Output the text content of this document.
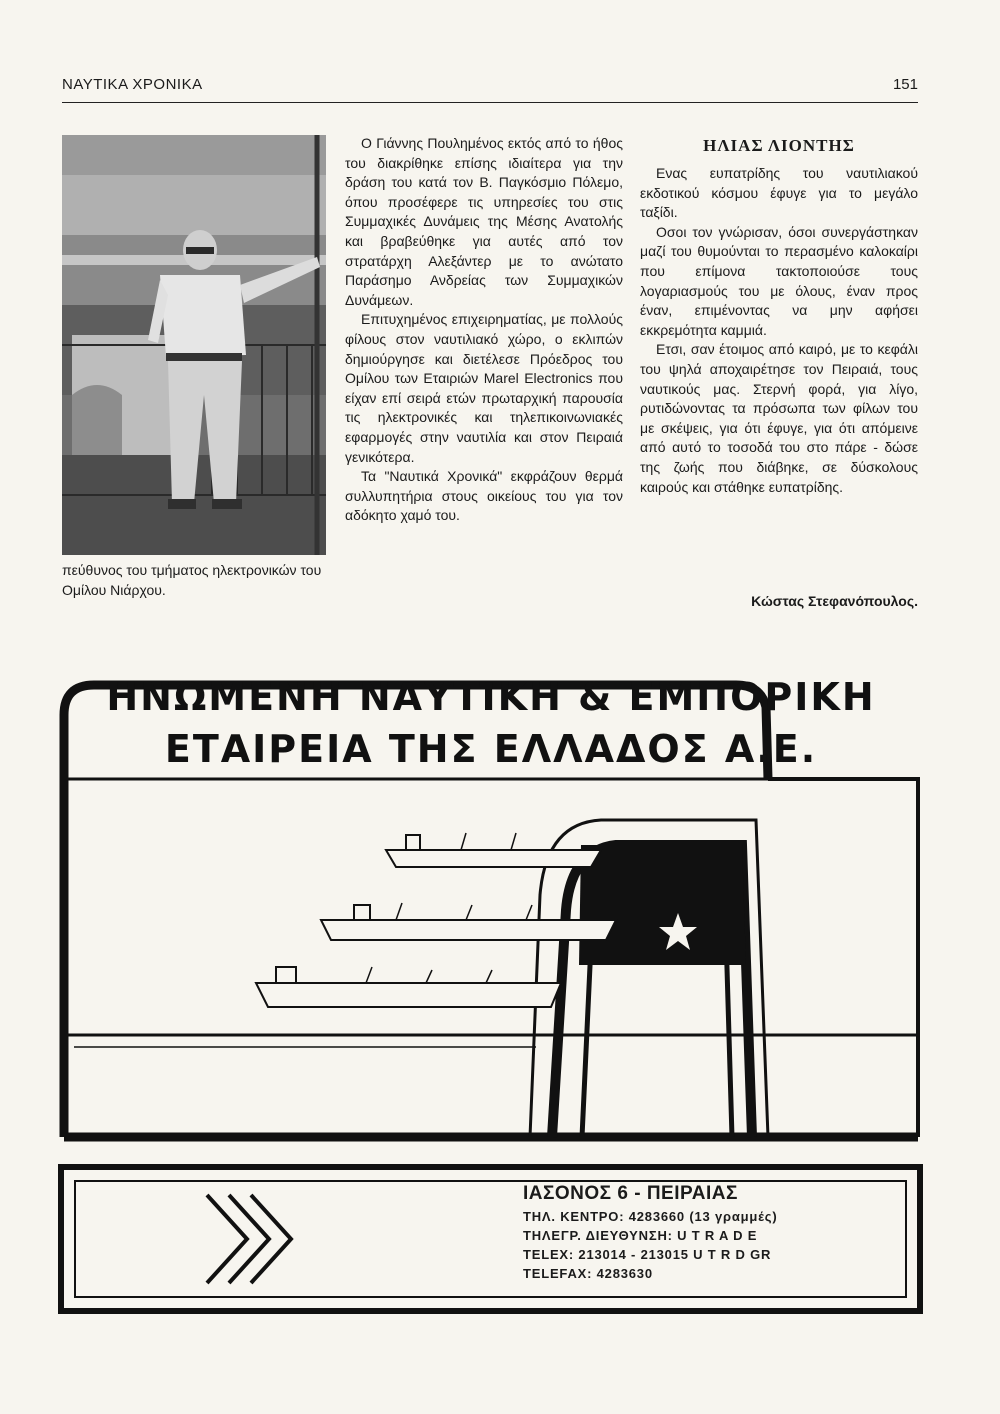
ΝΑΥΤΙΚΑ ΧΡΟΝΙΚΑ	151
πεύθυνος του τμήματος ηλεκτρονικών του Ομίλου Νιάρχου.

Ο Γιάννης Πουλημένος εκτός από το ήθος του διακρίθηκε επίσης ιδιαίτερα για την δράση του κατά τον Β. Παγκόσμιο Πόλεμο, όπου προσέφερε τις υπηρεσίες του στις Συμμαχικές Δυνάμεις της Μέσης Ανατολής και βραβεύθηκε για αυτές από τον στρατάρχη Αλεξάντερ με το ανώτατο Παράσημο Ανδρείας των Συμμαχικών Δυνάμεων.

Επιτυχημένος επιχειρηματίας, με πολλούς φίλους στον ναυτιλιακό χώρο, ο εκλιπών δημιούργησε και διετέλεσε Πρόεδρος του Ομίλου των Εταιριών Marel Electronics που είχαν επί σειρά ετών πρωταρχική παρουσία τις ηλεκτρονικές και τηλεπικοινωνιακές εφαρμογές στην ναυτιλία και στον Πειραιά γενικότερα.

Τα "Ναυτικά Χρονικά" εκφράζουν θερμά συλλυπητήρια στους οικείους του για τον αδόκητο χαμό του.

ΗΛΙΑΣ ΛΙΟΝΤΗΣ

Ενας ευπατρίδης του ναυτιλιακού εκδοτικού κόσμου έφυγε για το μεγάλο ταξίδι.

Οσοι τον γνώρισαν, όσοι συνεργάστηκαν μαζί του θυμούνται το περασμένο καλοκαίρι που επίμονα τακτοποιούσε τους λογαριασμούς του με όλους, έναν προς έναν, επιμένοντας να μην αφήσει εκκρεμότητα καμμιά.

Ετσι, σαν έτοιμος από καιρό, με το κεφάλι του ψηλά αποχαιρέτησε τον Πειραιά, τους ναυτικούς μας. Στερνή φορά, για λίγο, ρυτιδώνοντας τα πρόσωπα των φίλων του με σκέψεις, για ότι έφυγε, για ότι απόμεινε από αυτό το τοσοδά του στο πάρε - δώσε της ζωής που διάβηκε, σε δύσκολους καιρούς και στάθηκε ευπατρίδης.

Κώστας Στεφανόπουλος.
ΗΝΩΜΕΝΗ ΝΑΥΤΙΚΗ & ΕΜΠΟΡΙΚΗ
ΕΤΑΙΡΕΙΑ ΤΗΣ ΕΛΛΑΔΟΣ Α.Ε.
ΙΑΣΟΝΟΣ 6 - ΠΕΙΡΑΙΑΣ
ΤΗΛ. ΚΕΝΤΡΟ: 4283660 (13 γραμμές)
ΤΗΛΕΓΡ. ΔΙΕΥΘΥΝΣΗ: U T R A D E
TELEX: 213014 - 213015 U T R D GR
TELEFAX: 4283630
